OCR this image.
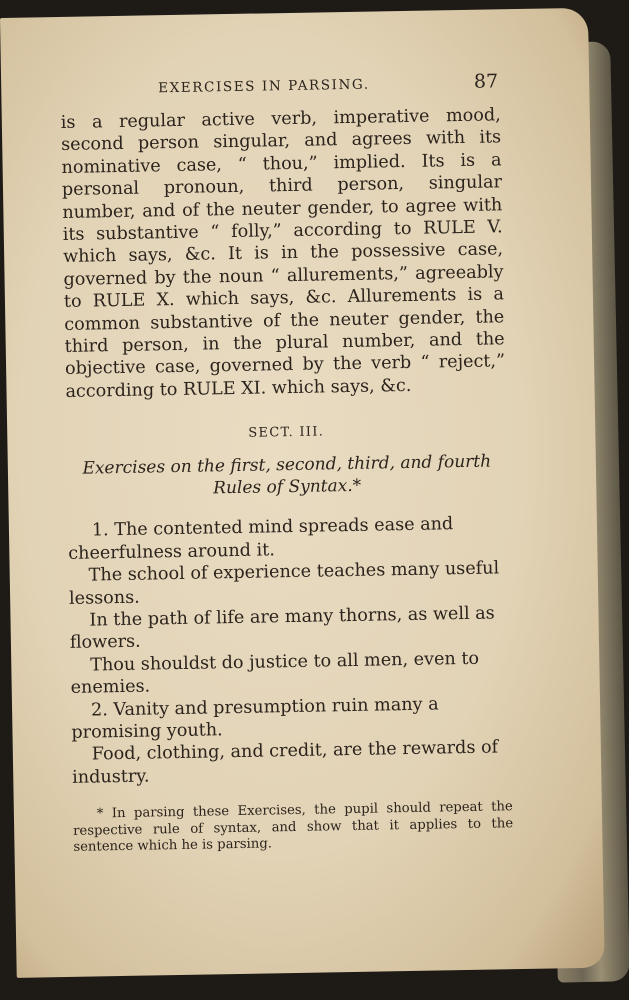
EXERCISES IN PARSING.	87

is a regular active verb, imperative mood, second person singular, and agrees with its nominative case, “ thou,” implied. Its is a personal pronoun, third person, singular number, and of the neuter gender, to agree with its substantive “ folly,” according to RULE V. which says, &c. It is in the possessive case, governed by the noun “ allurements,” agreeably to RULE X. which says, &c. Allurements is a common substantive of the neuter gender, the third person, in the plural number, and the objective case, governed by the verb “ reject,” according to RULE XI. which says, &c.

SECT. III.
Exercises on the first, second, third, and fourth Rules of Syntax.*

1. The contented mind spreads ease and cheerfulness around it.

The school of experience teaches many useful lessons.

In the path of life are many thorns, as well as flowers.

Thou shouldst do justice to all men, even to enemies.

2. Vanity and presumption ruin many a promising youth.

Food, clothing, and credit, are the rewards of industry.

* In parsing these Exercises, the pupil should repeat the respective rule of syntax, and show that it applies to the sentence which he is parsing.
